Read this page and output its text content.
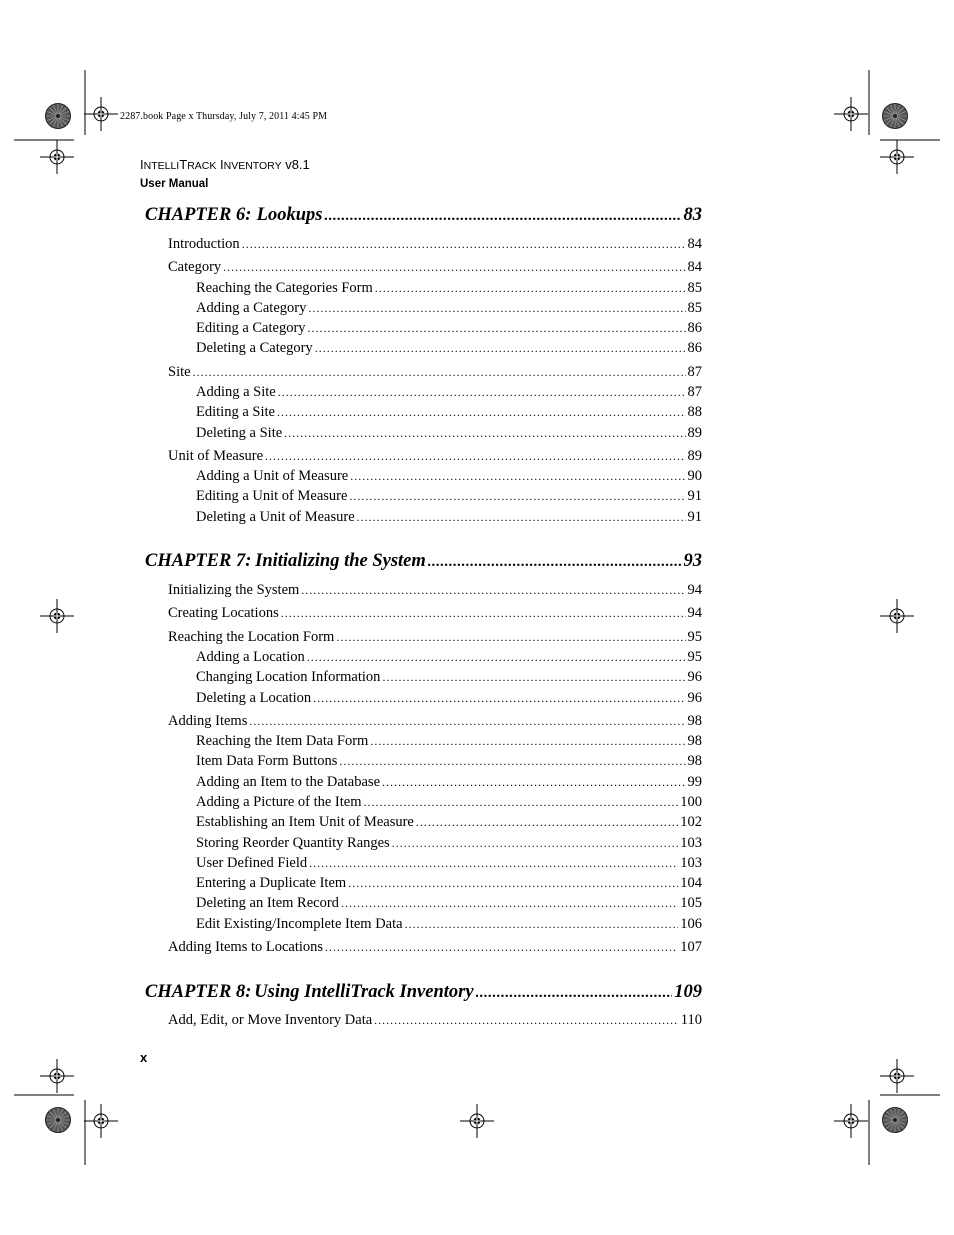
2287.book Page x Thursday, July 7, 2011 4:45 PM
INTELLITRACK INVENTORY v8.1
User Manual
CHAPTER 6: Lookups .....	83
Introduction .....	84
Category .....	84
Reaching the Categories Form .....	85
Adding a Category .....	85
Editing a Category .....	86
Deleting a Category .....	86
Site .....	87
Adding a Site .....	87
Editing a Site .....	88
Deleting a Site .....	89
Unit of Measure .....	89
Adding a Unit of Measure .....	90
Editing a Unit of Measure .....	91
Deleting a Unit of Measure .....	91
CHAPTER 7: Initializing the System .....	93
Initializing the System .....	94
Creating Locations .....	94
Reaching the Location Form .....	95
Adding a Location .....	95
Changing Location Information .....	96
Deleting a Location .....	96
Adding Items .....	98
Reaching the Item Data Form .....	98
Item Data Form Buttons .....	98
Adding an Item to the Database .....	99
Adding a Picture of the Item .....	100
Establishing an Item Unit of Measure .....	102
Storing Reorder Quantity Ranges .....	103
User Defined Field .....	103
Entering a Duplicate Item .....	104
Deleting an Item Record .....	105
Edit Existing/Incomplete Item Data .....	106
Adding Items to Locations .....	107
CHAPTER 8: Using IntelliTrack Inventory .....	109
Add, Edit, or Move Inventory Data .....	110
x
